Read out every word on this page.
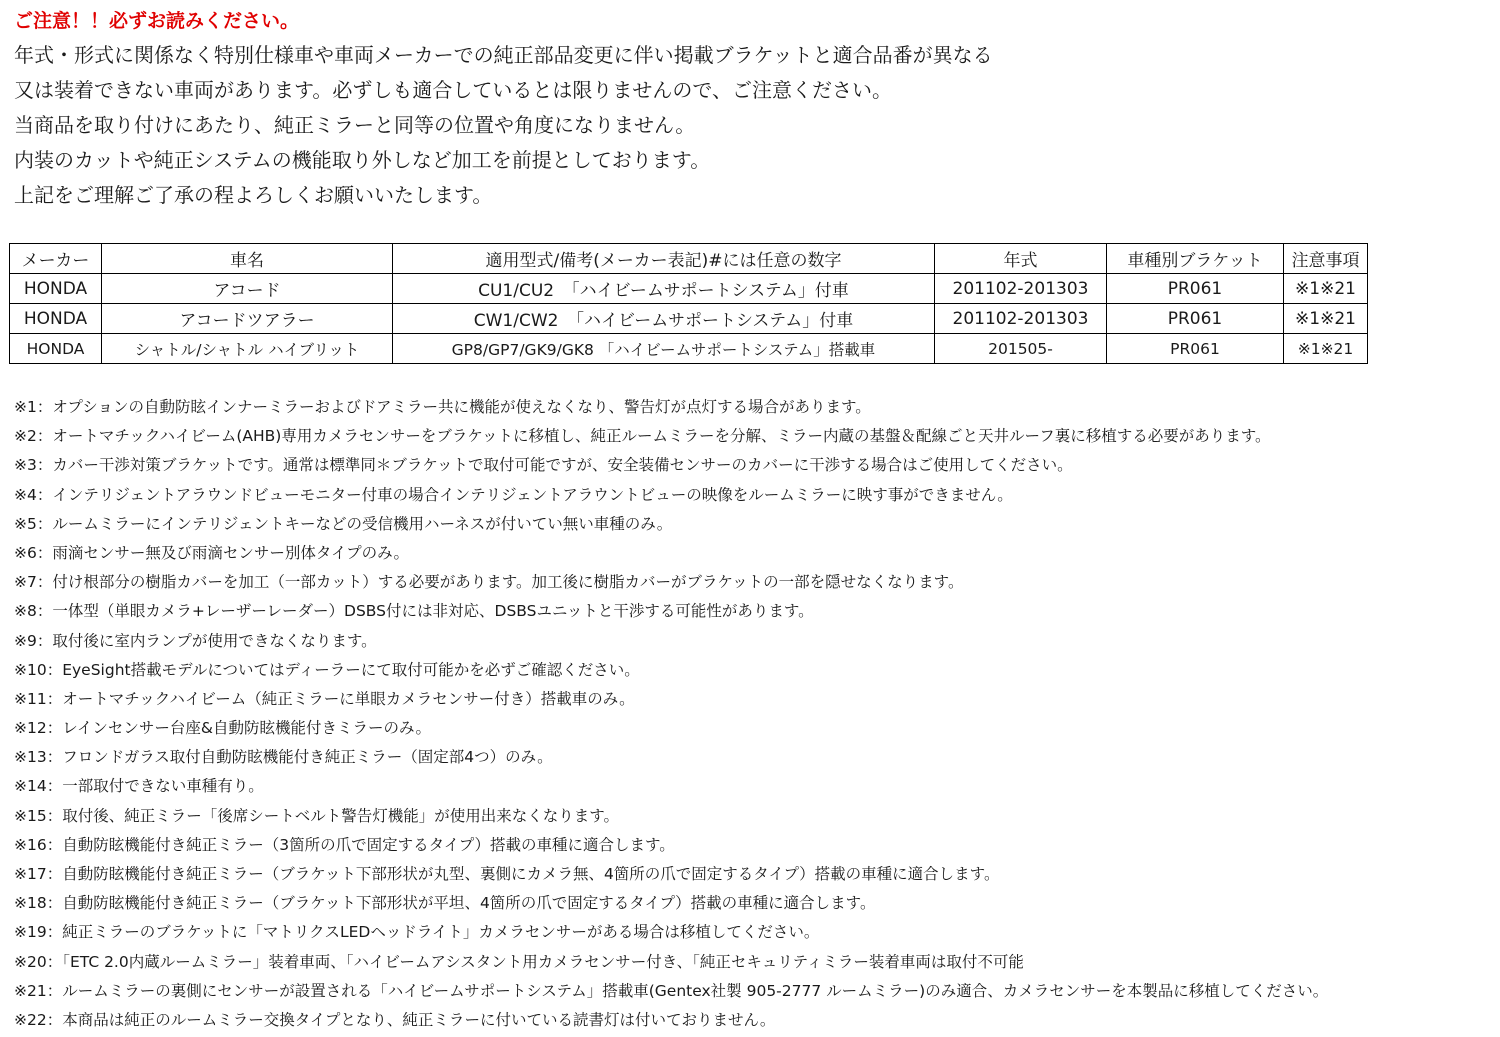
ご注意！！必ずお読みください。
年式・形式に関係なく特別仕様車や車両メーカーでの純正部品変更に伴い掲載ブラケットと適合品番が異なる
又は装着できない車両があります。必ずしも適合しているとは限りませんので、ご注意ください。
当商品を取り付けにあたり、純正ミラーと同等の位置や角度になりません。
内装のカットや純正システムの機能取り外しなど加工を前提としております。
上記をご理解ご了承の程よろしくお願いいたします。
メーカー	車名	適用型式/備考(メーカー表記)#には任意の数字	年式	車種別ブラケット	注意事項
HONDA	アコード	CU1/CU2　「ハイビームサポートシステム」付車	201102-201303	PR061	※1※21
HONDA	アコードツアラー	CW1/CW2　「ハイビームサポートシステム」付車	201102-201303	PR061	※1※21
HONDA	シャトル/シャトル ハイブリット	GP8/GP7/GK9/GK8 「ハイビームサポートシステム」搭載車	201505-	PR061	※1※21
※1：オプションの自動防眩インナーミラーおよびドアミラー共に機能が使えなくなり、警告灯が点灯する場合があります。
※2：オートマチックハイビーム(AHB)専用カメラセンサーをブラケットに移植し、純正ルームミラーを分解、ミラー内蔵の基盤＆配線ごと天井ルーフ裏に移植する必要があります。
※3：カバー干渉対策ブラケットです。通常は標準同＊ブラケットで取付可能ですが、安全装備センサーのカバーに干渉する場合はご使用してください。
※4：インテリジェントアラウンドビューモニター付車の場合インテリジェントアラウントビューの映像をルームミラーに映す事ができません。
※5：ルームミラーにインテリジェントキーなどの受信機用ハーネスが付いてい無い車種のみ。
※6：雨滴センサー無及び雨滴センサー別体タイプのみ。
※7：付け根部分の樹脂カバーを加工（一部カット）する必要があります。加工後に樹脂カバーがブラケットの一部を隠せなくなります。
※8：一体型（単眼カメラ+レーザーレーダー）DSBS付には非対応、DSBSユニットと干渉する可能性があります。
※9：取付後に室内ランプが使用できなくなります。
※10：EyeSight搭載モデルについてはディーラーにて取付可能かを必ずご確認ください。
※11：オートマチックハイビーム（純正ミラーに単眼カメラセンサー付き）搭載車のみ。
※12：レインセンサー台座&自動防眩機能付きミラーのみ。
※13：フロンドガラス取付自動防眩機能付き純正ミラー（固定部4つ）のみ。
※14：一部取付できない車種有り。
※15：取付後、純正ミラー「後席シートベルト警告灯機能」が使用出来なくなります。
※16：自動防眩機能付き純正ミラー（3箇所の爪で固定するタイプ）搭載の車種に適合します。
※17：自動防眩機能付き純正ミラー（ブラケット下部形状が丸型、裏側にカメラ無、4箇所の爪で固定するタイプ）搭載の車種に適合します。
※18：自動防眩機能付き純正ミラー（ブラケット下部形状が平坦、4箇所の爪で固定するタイプ）搭載の車種に適合します。
※19：純正ミラーのブラケットに「マトリクスLEDヘッドライト」カメラセンサーがある場合は移植してください。
※20：「ETC 2.0内蔵ルームミラー」装着車両、「ハイビームアシスタント用カメラセンサー付き、「純正セキュリティミラー装着車両は取付不可能
※21：ルームミラーの裏側にセンサーが設置される「ハイビームサポートシステム」搭載車(Gentex社製 905-2777 ルームミラー)のみ適合、カメラセンサーを本製品に移植してください。
※22：本商品は純正のルームミラー交換タイプとなり、純正ミラーに付いている読書灯は付いておりません。
